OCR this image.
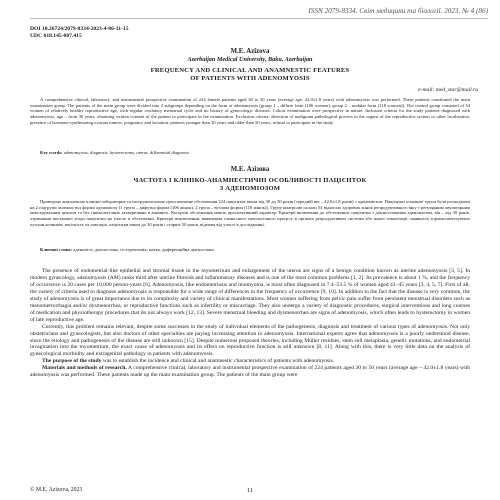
ISSN 2079-8334. Світ медицини та біології. 2023. № 4 (86)
DOI 10.26724/2079-8334-2023-4-86-11-15
UDC 618.145-007.415
M.E. Azizova
Azerbaijan Medical University, Baku, Azerbaijan
FREQUENCY AND CLINICAL AND ANAMNESTIC FEATURES
OF PATIENTS WITH ADENOMYOSIS
e-mail: med_star@mail.ru
A comprehensive clinical, laboratory, and instrumental prospective examination of 224 female patients aged 30 to 50 years (average age, 42.0±1.8 years) with adenomyosis was performed. These patients constituted the main examination group. The patients of the main group were divided into 2 subgroups depending on the form of adenomyosis (group 1 – diffuse form (106 women), group 2 – nodular form (118 women)). The control group consisted of 54 women of relatively healthy reproductive age, with regular ovulatory menstrual cycle and no history of gynecologic diseases. Cohort examination were prospective in nature. Inclusion criteria for the study patients diagnosed with adenomyosis, age – from 30 years, obtaining written consent of the patient to participate in the examination. Exclusion criteria: detection of malignant pathological process in the organs of the reproductive system or other localization, presence of hormone-synthesizing ovarian tumors, pregnancy and lactation, patients younger than 30 years and older than 50 years, refusal to participate in the study.
Key words: adenomyosis, diagnosis, hysterectomy, uterus, differential diagnosis.
М.Е. Азізова
ЧАСТОТА І КЛІНІКО-АНАМНЕСТИЧНІ ОСОБЛИВОСТІ ПАЦІЄНТОК
З АДЕНОМІОЗОМ
Проведено комплексне клініко-лабораторне та інструментальне проспективне обстеження 224 пацієнток віком від 30 до 50 років (середній вік – 42,0±1,8 років) з аденоміозом. Пацієнтки основної групи були розподілені на 2 підгрупи залежно від форми аденоміозу (1 група – дифузна форма (106 жінок), 2 група – вузлова форма (118 жінок)). Групу контролю склали 54 відносно здорових жінок репродуктивного віку з регулярним овуляторним менструальним циклом та без гінекологічних захворювань в анамнезі. Когортні обстеження мають проспективний характер. Критерії включення до обстеження: пацієнтки з діагностованим аденоміозом, вік – від 30 років, отримання письмової згоди пацієнтки на участь в обстеженні. Критерії виключення: виявлення злоякісного патологічного процесу в органах репродуктивної системи або іншої локалізації, наявність гормонсинтезуючих пухлин яєчників, вагітність та лактація, пацієнтки віком до 30 років і старше 50 років, відмова від участі в дослідженні.
Ключові слова: аденоміоз, діагностика, гістеректомія, матка, диференційна діагностика.

The presence of endometrial-like epithelial and stromal tissue in the myometrium and enlargement of the uterus are signs of a benign condition known as uterine adenomyosis [3, 5]. In modern gynecology, adenomyosis (AM) ranks third after uterine fibroids and inflammatory diseases and is one of the most common problems [1, 2]. Its prevalence is about 1 %, and the frequency of occurrence is 20 cases per 10,000 person-years [6]. Adenomyosis, like endometriosis and leiomyoma, is most often diagnosed in 7.4–53.5 % of women aged 41–45 years [3, 4, 5, 7]. First of all, the variety of criteria used to diagnose adenomyosis is responsible for a wide range of differences in the frequency of occurrence [9, 10]. In addition to the fact that the disease is very common, the study of adenomyosis is of great importance due to its complexity and variety of clinical manifestations. Most women suffering from pelvic pain suffer from persistent menstrual disorders such as menometrorrhagia and/or dysmenorrhea, or reproductive functions such as infertility or miscarriage. They also undergo a variety of diagnostic procedures, surgical interventions and long courses of medication and physiotherapy procedures that do not always work [12, 13]. Severe menstrual bleeding and dysmenorrhea are signs of adenomyosis, which often leads to hysterectomy in women of late reproductive age.

Currently, this problem remains relevant, despite some successes in the study of individual elements of the pathogenesis, diagnosis and treatment of various types of adenomyosis. Not only obstetricians and gynecologists, but also doctors of other specialties are paying increasing attention to adenomyosis. International experts agree that adenomyosis is a poorly understood disease, since the etiology and pathogenesis of the disease are still unknown [15]. Despite numerous proposed theories, including Müller residues, stem cell metaplasia, genetic mutations, and endometrial invagination into the myometrium, the exact cause of adenomyosis and its effect on reproductive function is still unknown [8, 11]. Along with this, there is very little data on the analysis of gynecological morbidity and extragenital pathology in patients with adenomyosis.

The purpose of the study was to establish the incidence and clinical and anamnestic characteristics of patients with adenomyosis.

Materials and methods of research. A comprehensive clinical, laboratory and instrumental prospective examination of 224 patients aged 30 to 50 years (average age – 42.0±1.8 years) with adenomyosis was performed. These patients made up the main examination group. The patients of the main group were

© M.E. Azizova, 2023	11
